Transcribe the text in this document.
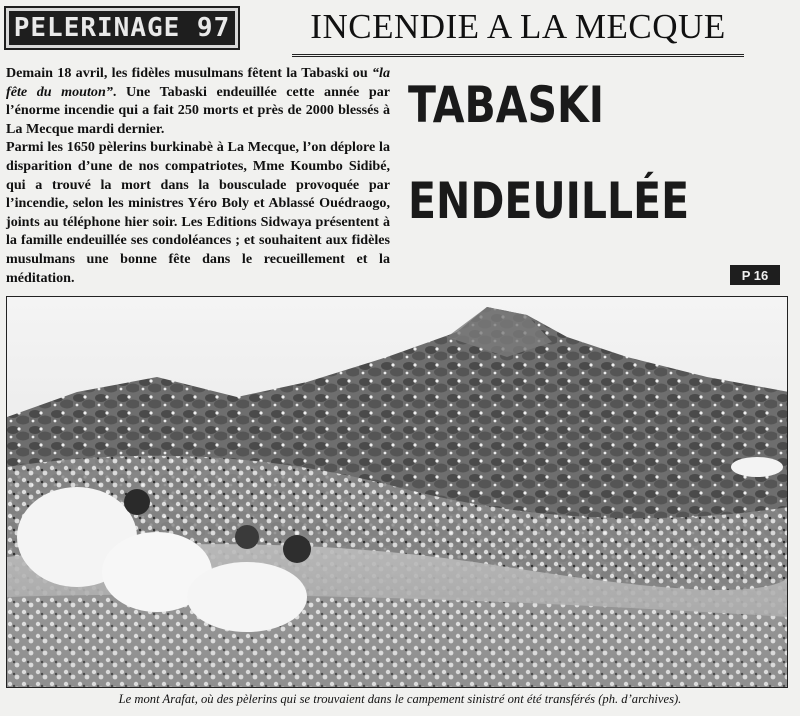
PELERINAGE 97	INCENDIE A LA MECQUE

Demain 18 avril, les fidèles musulmans fêtent la Tabaski ou “la fête du mouton”. Une Tabaski endeuillée cette année par l’énorme incendie qui a fait 250 morts et près de 2000 blessés à La Mecque mardi dernier.

Parmi les 1650 pèlerins burkinabè à La Mecque, l’on déplore la disparition d’une de nos compatriotes, Mme Koumbo Sidibé, qui a trouvé la mort dans la bousculade provoquée par l’incendie, selon les ministres Yéro Boly et Ablassé Ouédraogo, joints au téléphone hier soir. Les Editions Sidwaya présentent à la famille endeuillée ses condoléances ; et souhaitent aux fidèles musulmans une bonne fête dans le recueillement et la méditation.

TABASKI
ENDEUILLÉE
P 16
Le mont Arafat, où des pèlerins qui se trouvaient dans le campement sinistré ont été transférés (ph. d’archives).
